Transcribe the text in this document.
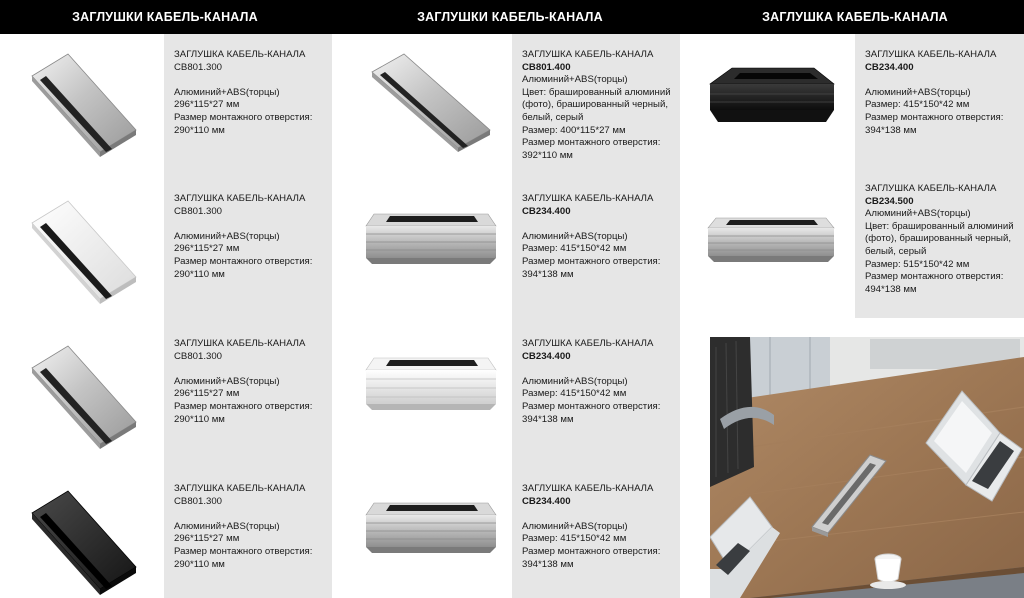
ЗАГЛУШКИ КАБЕЛЬ-КАНАЛА	ЗАГЛУШКИ КАБЕЛЬ-КАНАЛА	ЗАГЛУШКА КАБЕЛЬ-КАНАЛА
ЗАГЛУШКА КАБЕЛЬ-КАНАЛА
CB801.300
Алюминий+ABS(торцы)
296*115*27 мм
Размер монтажного отверстия:
290*110 мм
ЗАГЛУШКА КАБЕЛЬ-КАНАЛА
CB801.300
Алюминий+ABS(торцы)
296*115*27 мм
Размер монтажного отверстия:
290*110 мм
ЗАГЛУШКА КАБЕЛЬ-КАНАЛА
CB801.300
Алюминий+ABS(торцы)
296*115*27 мм
Размер монтажного отверстия:
290*110 мм
ЗАГЛУШКА КАБЕЛЬ-КАНАЛА
CB801.300
Алюминий+ABS(торцы)
296*115*27 мм
Размер монтажного отверстия:
290*110 мм
ЗАГЛУШКА КАБЕЛЬ-КАНАЛА
CB801.400
Алюминий+ABS(торцы)
Цвет: брашированный алюминий
(фото), брашированный черный,
белый, серый
Размер: 400*115*27 мм
Размер монтажного отверстия:
392*110 мм
ЗАГЛУШКА КАБЕЛЬ-КАНАЛА
CB234.400
Алюминий+ABS(торцы)
Размер: 415*150*42 мм
Размер монтажного отверстия:
394*138 мм
ЗАГЛУШКА КАБЕЛЬ-КАНАЛА
CB234.400
Алюминий+ABS(торцы)
Размер: 415*150*42 мм
Размер монтажного отверстия:
394*138 мм
ЗАГЛУШКА КАБЕЛЬ-КАНАЛА
CB234.400
Алюминий+ABS(торцы)
Размер: 415*150*42 мм
Размер монтажного отверстия:
394*138 мм
ЗАГЛУШКА КАБЕЛЬ-КАНАЛА
CB234.400
Алюминий+ABS(торцы)
Размер: 415*150*42 мм
Размер монтажного отверстия:
394*138 мм
ЗАГЛУШКА КАБЕЛЬ-КАНАЛА
CB234.500
Алюминий+ABS(торцы)
Цвет: брашированный алюминий
(фото), брашированный черный,
белый, серый
Размер: 515*150*42 мм
Размер монтажного отверстия:
494*138 мм
